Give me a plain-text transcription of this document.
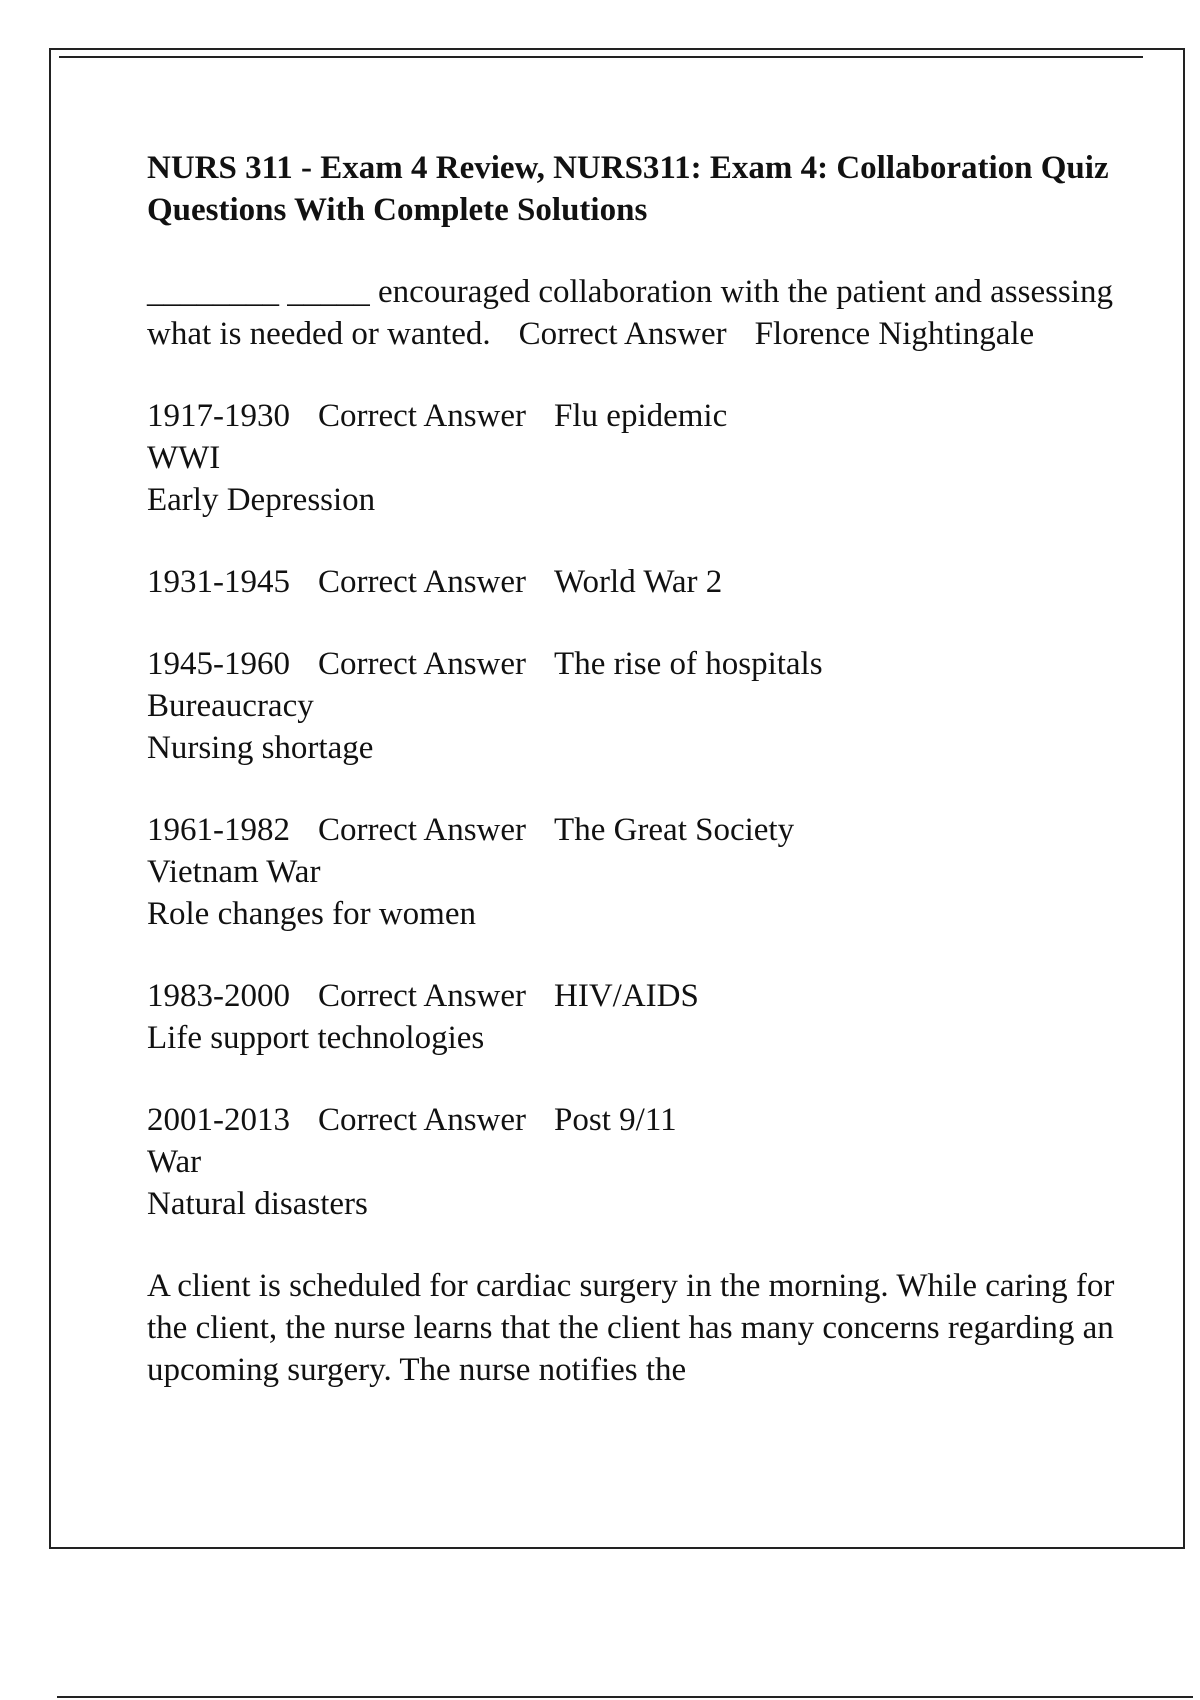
NURS 311 - Exam 4 Review, NURS311: Exam 4: Collaboration Quiz Questions With Complete Solutions

________ _____ encouraged collaboration with the patient and assessing what is needed or wanted. Correct Answer Florence Nightingale

1917-1930 Correct Answer Flu epidemic

WWI

Early Depression

1931-1945 Correct Answer World War 2

1945-1960 Correct Answer The rise of hospitals

Bureaucracy

Nursing shortage

1961-1982 Correct Answer The Great Society

Vietnam War

Role changes for women

1983-2000 Correct Answer HIV/AIDS

Life support technologies

2001-2013 Correct Answer Post 9/11

War

Natural disasters

A client is scheduled for cardiac surgery in the morning. While caring for the client, the nurse learns that the client has many concerns regarding an upcoming surgery. The nurse notifies the
